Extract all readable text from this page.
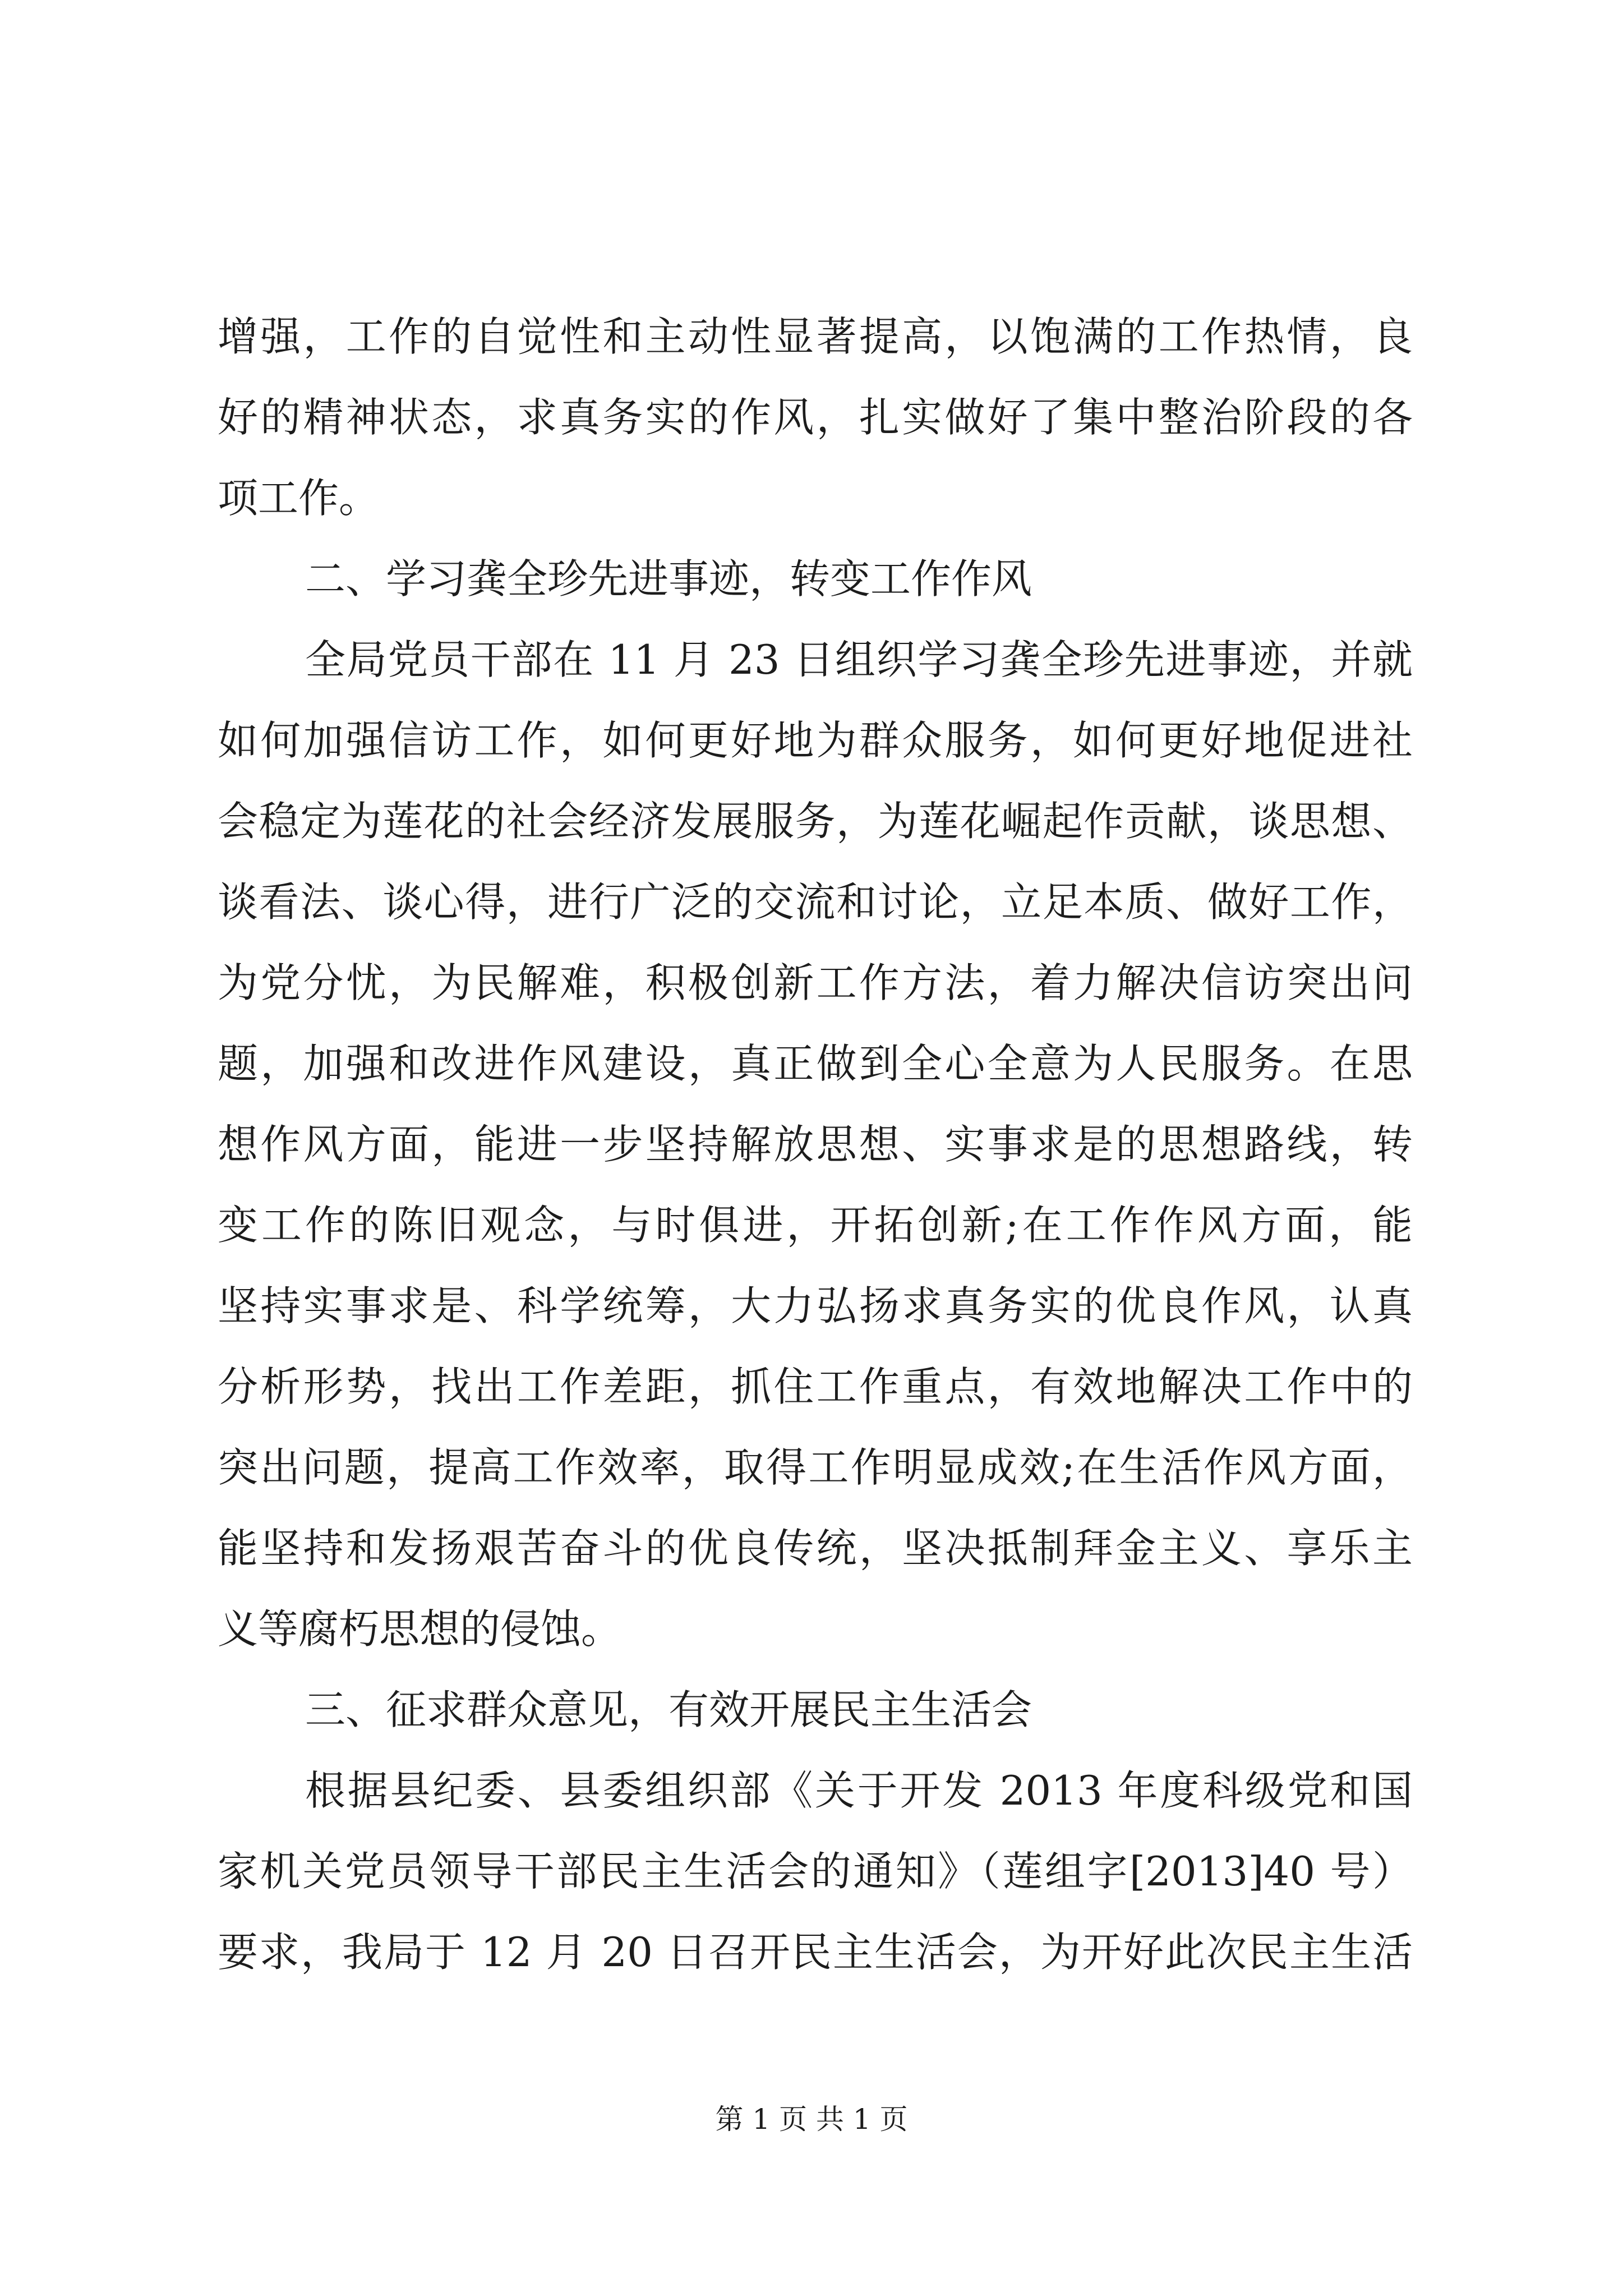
增强，工作的自觉性和主动性显著提高，以饱满的工作热情，良
好的精神状态，求真务实的作风，扎实做好了集中整治阶段的各
项工作。
二、学习龚全珍先进事迹，转变工作作风
全局党员干部在 11 月 23 日组织学习龚全珍先进事迹，并就
如何加强信访工作，如何更好地为群众服务，如何更好地促进社
会稳定为莲花的社会经济发展服务，为莲花崛起作贡献，谈思想、
谈看法、谈心得，进行广泛的交流和讨论，立足本质、做好工作，
为党分忧，为民解难，积极创新工作方法，着力解决信访突出问
题，加强和改进作风建设，真正做到全心全意为人民服务。在思
想作风方面，能进一步坚持解放思想、实事求是的思想路线，转
变工作的陈旧观念，与时俱进，开拓创新;在工作作风方面，能
坚持实事求是、科学统筹，大力弘扬求真务实的优良作风，认真
分析形势，找出工作差距，抓住工作重点，有效地解决工作中的
突出问题，提高工作效率，取得工作明显成效;在生活作风方面，
能坚持和发扬艰苦奋斗的优良传统，坚决抵制拜金主义、享乐主
义等腐朽思想的侵蚀。
三、征求群众意见，有效开展民主生活会
根据县纪委、县委组织部《关于开发 2013 年度科级党和国
家机关党员领导干部民主生活会的通知》（莲组字[2013]40 号）
要求，我局于 12 月 20 日召开民主生活会，为开好此次民主生活
第 1 页 共 1 页
